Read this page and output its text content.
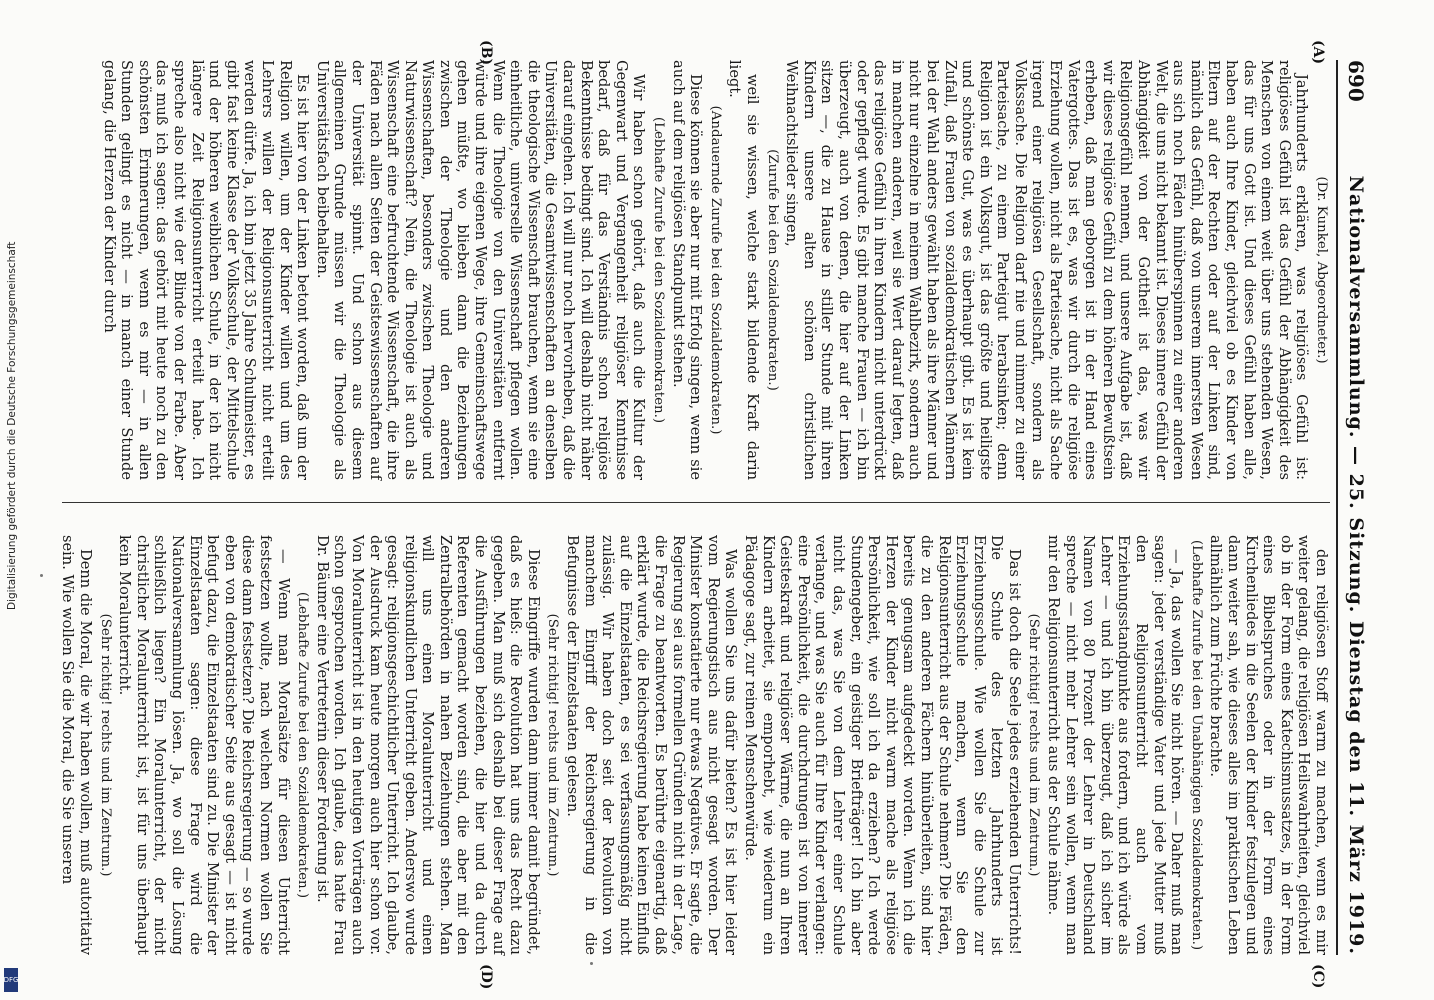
690
Nationalversammlung. — 25. Sitzung. Dienstag den 11. März 1919.
(A)
(B)
(C)
(D)

(Dr. Kunkel, Abgeordneter.)

Jahrhunderts erklären, was religiöses Gefühl ist: religiöses Gefühl ist das Gefühl der Abhängigkeit des Menschen von einem weit über uns stehenden Wesen, das für uns Gott ist. Und dieses Gefühl haben alle, haben auch Ihre Kinder, gleichviel ob es Kinder von Eltern auf der Rechten oder auf der Linken sind, nämlich das Gefühl, daß von unserem innersten Wesen aus sich noch Fäden hinüberspinnen zu einer anderen Welt, die uns nicht bekannt ist. Dieses innere Gefühl der Abhängigkeit von der Gottheit ist das, was wir Religionsgefühl nennen, und unsere Aufgabe ist, daß wir dieses religiöse Gefühl zu dem höheren Bewußtsein erheben, daß man geborgen ist in der Hand eines Vatergottes. Das ist es, was wir durch die religiöse Erziehung wollen, nicht als Parteisache, nicht als Sache irgend einer religiösen Gesellschaft, sondern als Volkssache. Die Religion darf nie und nimmer zu einer Parteisache, zu einem Parteigut herabsinken; denn Religion ist ein Volksgut, ist das größte und heiligste und schönste Gut, was es überhaupt gibt. Es ist kein Zufall, daß Frauen von sozialdemokratischen Männern bei der Wahl anders gewählt haben als ihre Männer und nicht nur einzelne in meinem Wahlbezirk, sondern auch in manchen anderen, weil sie Wert darauf legten, daß das religiöse Gefühl in ihren Kindern nicht unterdrückt oder gepflegt wurde. Es gibt manche Frauen — ich bin überzeugt, auch von denen, die hier auf der Linken sitzen —, die zu Hause in stiller Stunde mit ihren Kindern unsere alten schönen christlichen Weihnachtslieder singen,

(Zurufe bei den Sozialdemokraten.)

weil sie wissen, welche stark bildende Kraft darin liegt.

(Andauernde Zurufe bei den Sozialdemokraten.)

Diese können sie aber nur mit Erfolg singen, wenn sie auch auf dem religiösen Standpunkt stehen.

(Lebhafte Zurufe bei den Sozialdemokraten.)

Wir haben schon gehört, daß auch die Kultur der Gegenwart und Vergangenheit religiöser Kenntnisse bedarf, daß für das Verständnis schon religiöse Bekenntnisse bedingt sind. Ich will deshalb nicht näher darauf eingehen. Ich will nur noch hervorheben, daß die Universitäten, die Gesamtwissenschaften an denselben die theologische Wissenschaft brauchen, wenn sie eine einheitliche, universelle Wissenschaft pflegen wollen. Wenn die Theologie von den Universitäten entfernt würde und ihre eigenen Wege, ihre Gemeinschaftswege gehen müßte, wo blieben dann die Beziehungen zwischen der Theologie und den anderen Wissenschaften, besonders zwischen Theologie und Naturwissenschaft? Nein, die Theologie ist auch als Wissenschaft eine befruchtende Wissenschaft, die ihre Fäden nach allen Seiten der Geisteswissenschaften auf der Universität spinnt. Und schon aus diesem allgemeinen Grunde müssen wir die Theologie als Universitätsfach beibehalten.

Es ist hier von der Linken betont worden, daß um der Religion willen, um der Kinder willen und um des Lehrers willen der Religionsunterricht nicht erteilt werden dürfe. Ja, ich bin jetzt 35 Jahre Schulmeister, es gibt fast keine Klasse der Volksschule, der Mittelschule und der höheren weiblichen Schule, in der ich nicht längere Zeit Religionsunterricht erteilt habe. Ich spreche also nicht wie der Blinde von der Farbe. Aber das muß ich sagen: das gehört mit heute noch zu den schönsten Erinnerungen, wenn es mir — in allen Stunden gelingt es nicht — in manch einer Stunde gelang, die Herzen der Kinder durch

den religiösen Stoff warm zu machen, wenn es mir weiter gelang, die religiösen Heilswahrheiten, gleichviel ob in der Form eines Katechismussatzes, in der Form eines Bibelspruches oder in der Form eines Kirchenliedes in die Seelen der Kinder festzulegen und dann weiter sah, wie dieses alles im praktischen Leben allmählich zum Früchte brachte.

(Lebhafte Zurufe bei den Unabhängigen Sozialdemokraten.)

— Ja, das wollen Sie nicht hören. — Daher muß man sagen: jeder verständige Vater und jede Mutter muß den Religionsunterricht auch vom Erziehungsstandpunkte aus fordern, und ich würde als Lehrer — und ich bin überzeugt, daß ich sicher im Namen von 80 Prozent der Lehrer in Deutschland spreche — nicht mehr Lehrer sein wollen, wenn man mir den Religionsunterricht aus der Schule nähme.

(Sehr richtig! rechts und im Zentrum.)

Das ist doch die Seele jedes erziehenden Unterrichts! Die Schule des letzten Jahrhunderts ist Erziehungsschule. Wie wollen Sie die Schule zur Erziehungsschule machen, wenn Sie den Religionsunterricht aus der Schule nehmen? Die Fäden, die zu den anderen Fächern hinüberleiten, sind hier bereits genugsam aufgedeckt worden. Wenn ich die Herzen der Kinder nicht warm mache als religiöse Persönlichkeit, wie soll ich da erziehen? Ich werde Stundengeber, ein geistiger Briefträger! Ich bin aber nicht das, was Sie von dem Lehrer einer Schule verlange, und was Sie auch für Ihre Kinder verlangen: eine Persönlichkeit, die durchdrungen ist von innerer Geisteskraft und religiöser Wärme, die nun an Ihren Kindern arbeitet, sie emporhebt, wie wiederum ein Pädagoge sagt, zur reinen Menschenwürde.

Was wollen Sie uns dafür bieten? Es ist hier leider vom Regierungstisch aus nicht gesagt worden. Der Minister konstatierte nur etwas Negatives. Er sagte, die Regierung sei aus formellen Gründen nicht in der Lage, die Frage zu beantworten. Es berührte eigenartig, daß erklärt wurde, die Reichsregierung habe keinen Einfluß auf die Einzelstaaten, es sei verfassungsmäßig nicht zulässig. Wir haben doch seit der Revolution von manchem Eingriff der Reichsregierung in die Befugnisse der Einzelstaaten gelesen.

(Sehr richtig! rechts und im Zentrum.)

Diese Eingriffe wurden dann immer damit begründet, daß es hieß: die Revolution hat uns das Recht dazu gegeben. Man muß sich deshalb bei dieser Frage auf die Ausführungen beziehen, die hier und da durch Referenten gemacht worden sind, die aber mit den Zentralbehörden in nahen Beziehungen stehen. Man will uns einen Moralunterricht und einen religionskundlichen Unterricht geben. Anderswo wurde gesagt: religionsgeschichtlicher Unterricht. Ich glaube, der Ausdruck kam heute morgen auch hier schon vor. Von Moralunterricht ist in den heutigen Vorträgen auch schon gesprochen worden. Ich glaube, das hatte Frau Dr. Bäumer eine Vertreterin dieser Forderung ist.

(Lebhafte Zurufe bei den Sozialdemokraten.)

— Wenn man Moralsätze für diesen Unterricht festsetzen wollte, nach welchen Normen wollen Sie diese dann festsetzen? Die Reichsregierung — so wurde eben von demokratischer Seite aus gesagt — ist nicht befugt dazu, die Einzelstaaten sind zu. Die Minister der Einzelstaaten sagen: diese Frage wird die Nationalversammlung lösen. Ja, wo soll die Lösung schließlich liegen? Ein Moralunterricht, der nicht christlicher Moralunterricht ist, ist für uns überhaupt kein Moralunterricht.

(Sehr richtig! rechts und im Zentrum.)

Denn die Moral, die wir haben wollen, muß autoritativ sein. Wie wollen Sie die Moral, die Sie unseren

Digitalisierung gefördert durch die Deutsche Forschungsgemeinschaft
DFG
